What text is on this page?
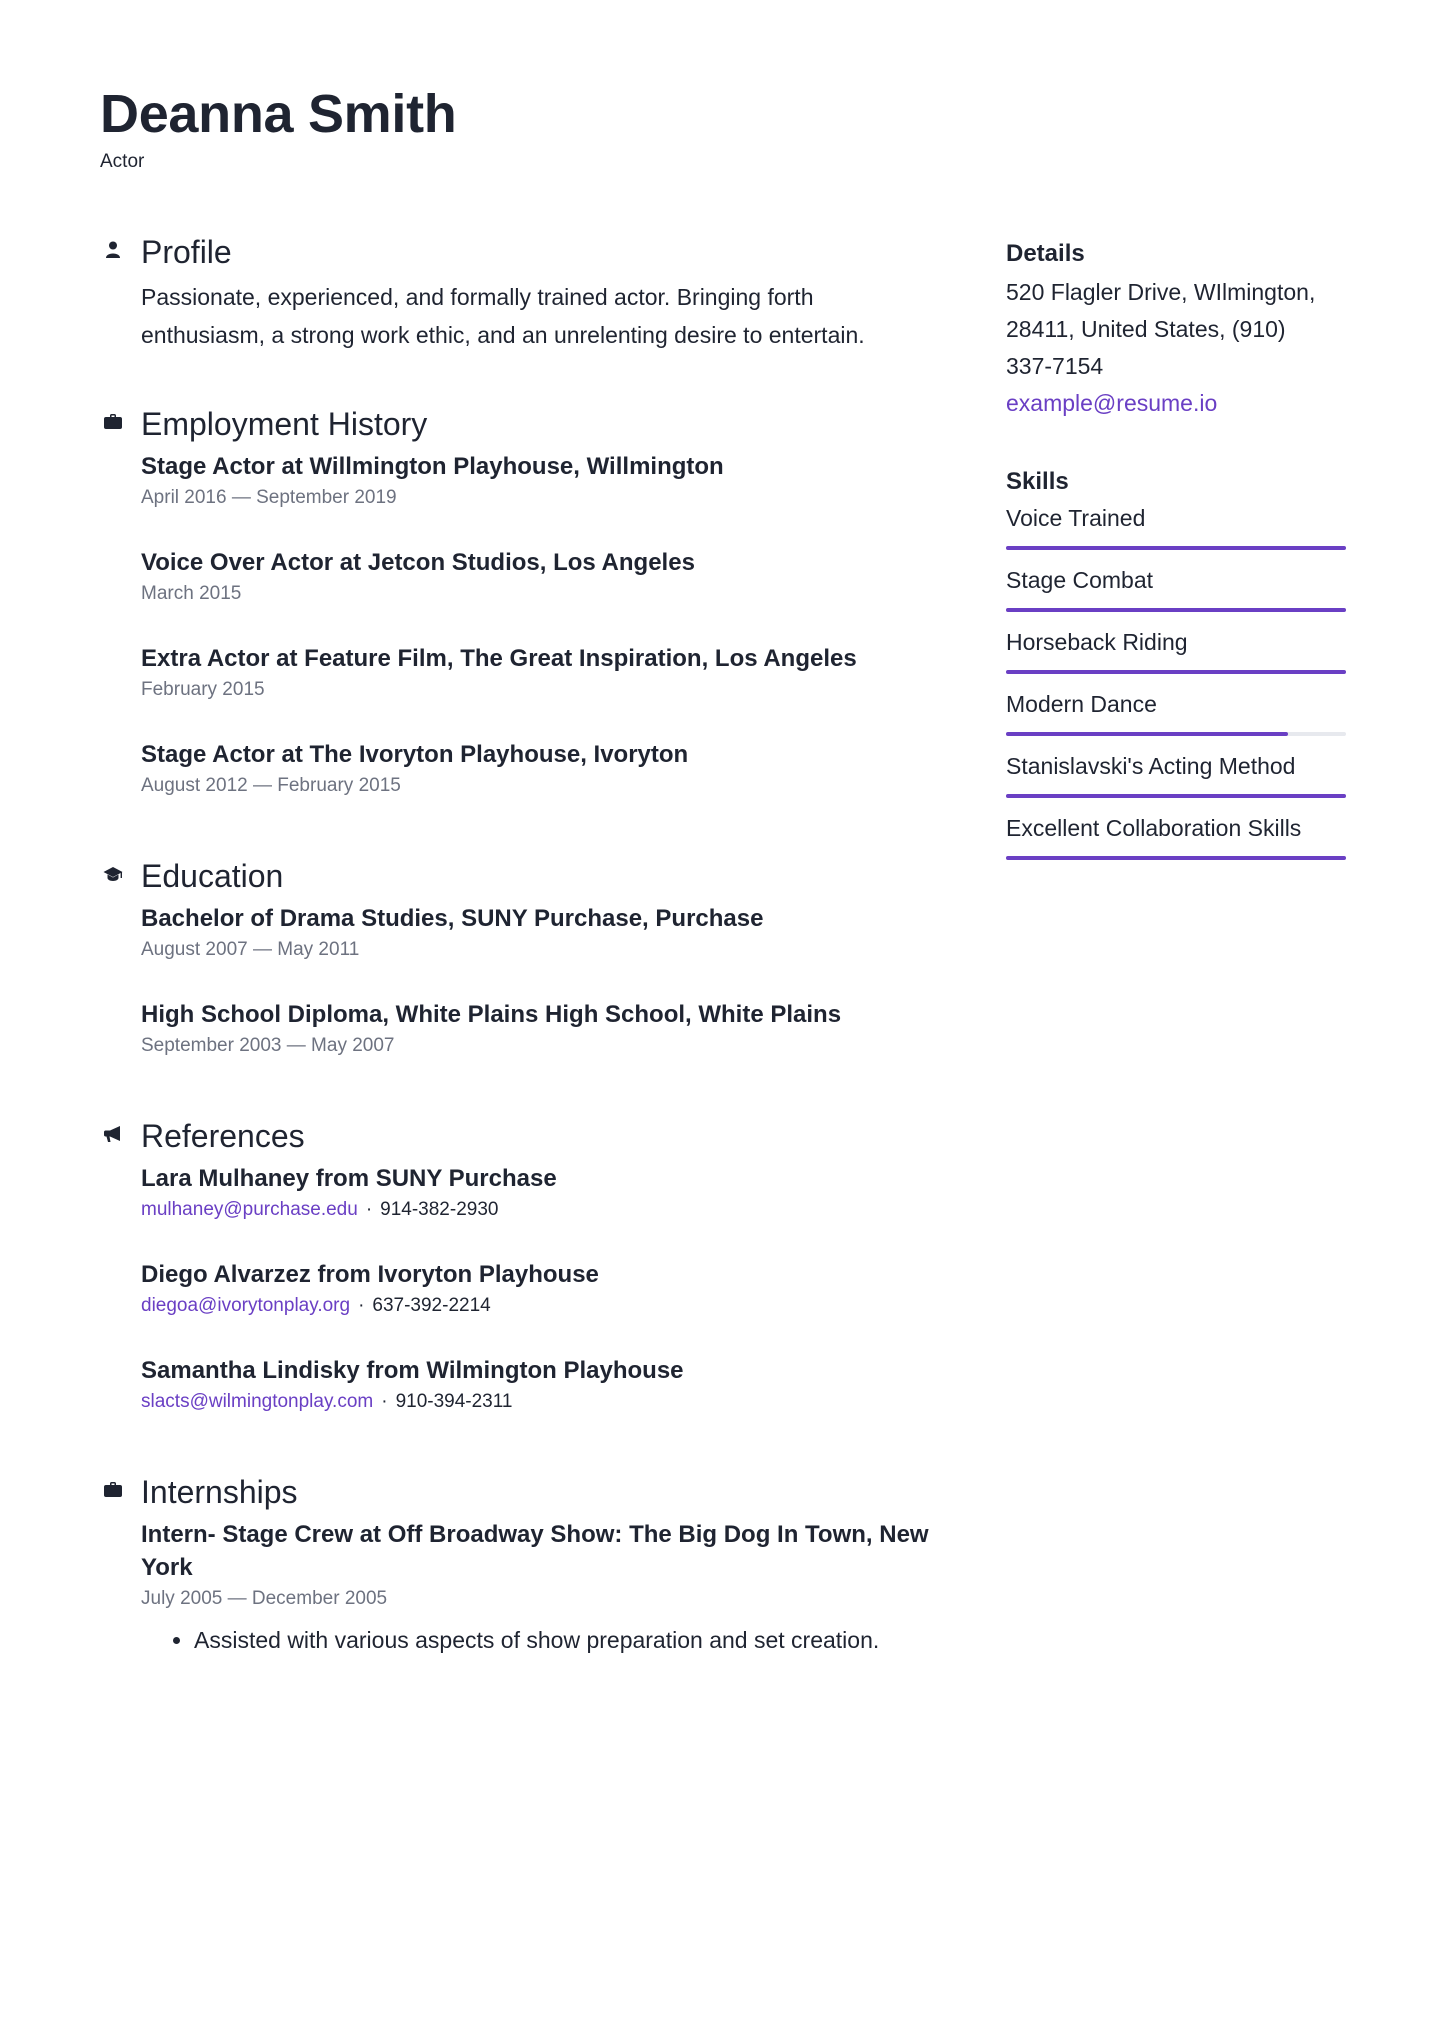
Deanna Smith
Actor
Profile

Passionate, experienced, and formally trained actor. Bringing forth
enthusiasm, a strong work ethic, and an unrelenting desire to entertain.

Employment History
Stage Actor at Willmington Playhouse, Willmington
April 2016 — September 2019
Voice Over Actor at Jetcon Studios, Los Angeles
March 2015
Extra Actor at Feature Film, The Great Inspiration, Los Angeles
February 2015
Stage Actor at The Ivoryton Playhouse, Ivoryton
August 2012 — February 2015
Education
Bachelor of Drama Studies, SUNY Purchase, Purchase
August 2007 — May 2011
High School Diploma, White Plains High School, White Plains
September 2003 — May 2007
References
Lara Mulhaney from SUNY Purchase
mulhaney@purchase.edu · 914-382-2930
Diego Alvarzez from Ivoryton Playhouse
diegoa@ivorytonplay.org · 637-392-2214
Samantha Lindisky from Wilmington Playhouse
slacts@wilmingtonplay.com · 910-394-2311
Internships
Intern- Stage Crew at Off Broadway Show: The Big Dog In Town, New
York
July 2005 — December 2005
• Assisted with various aspects of show preparation and set creation.
Details
520 Flagler Drive, WIlmington,
28411, United States, (910)
337-7154
example@resume.io
Skills
Voice Trained
Stage Combat
Horseback Riding
Modern Dance
Stanislavski's Acting Method
Excellent Collaboration Skills
